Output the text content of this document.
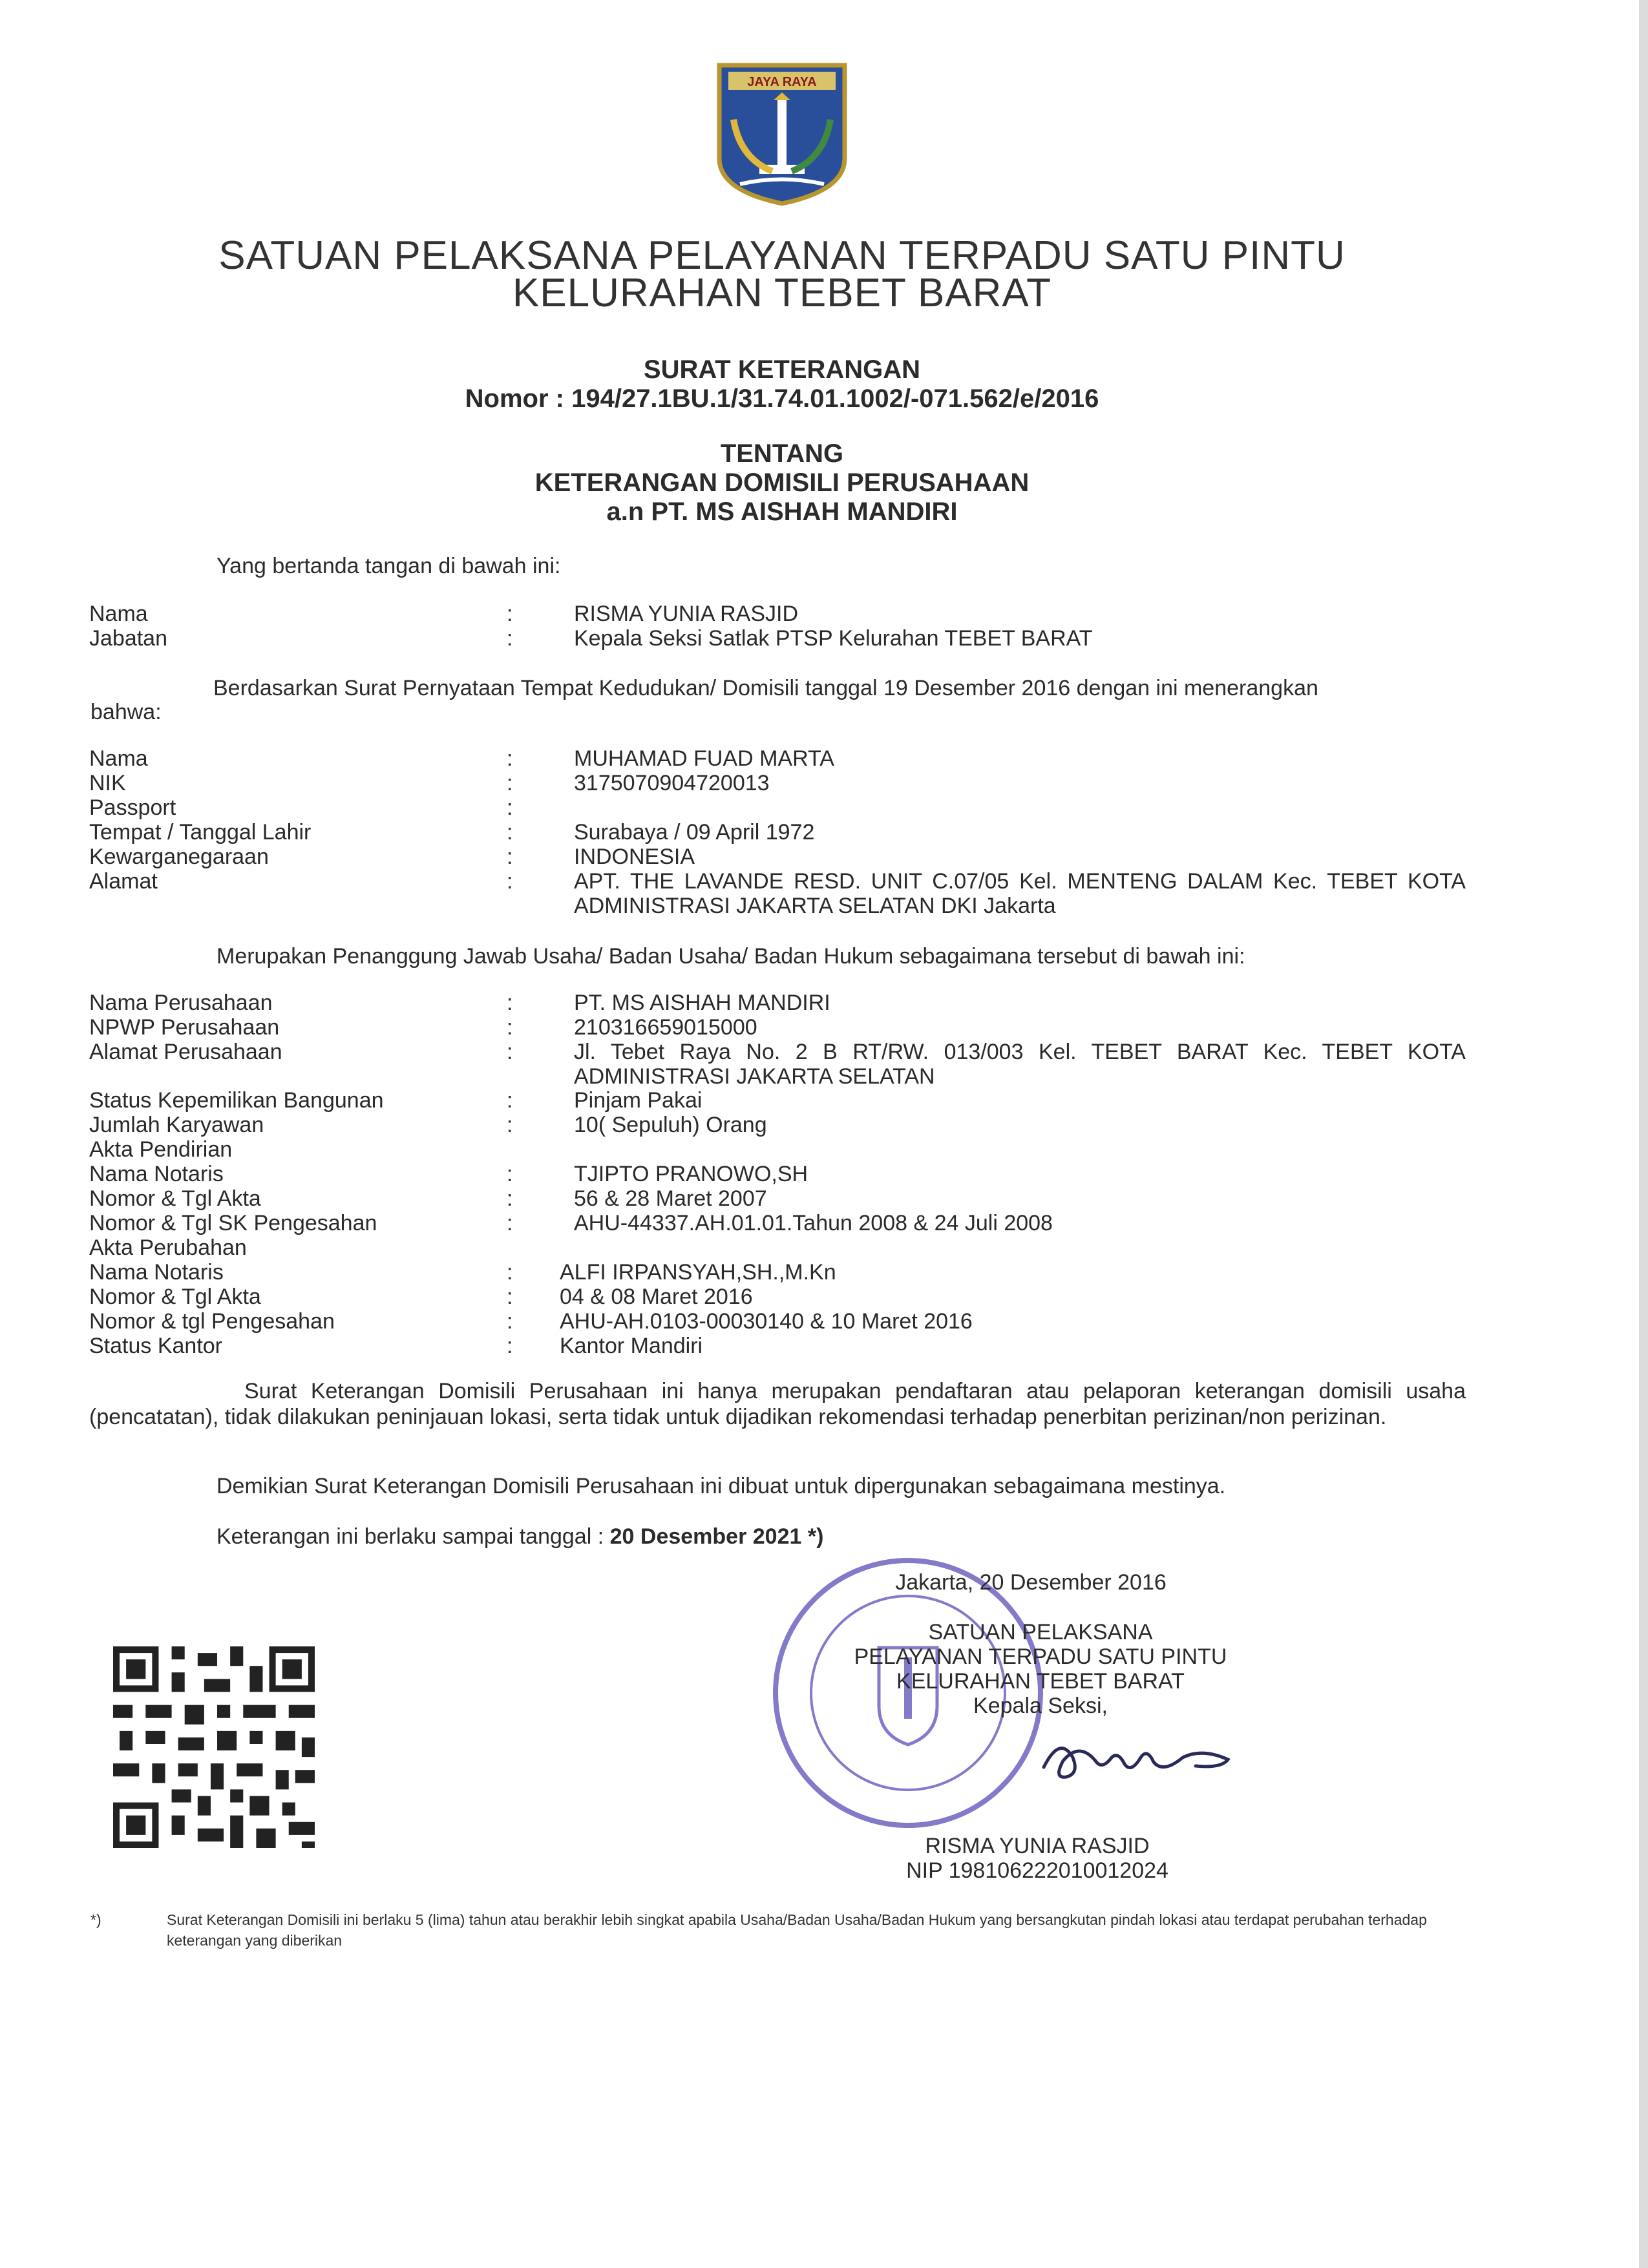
JAYA RAYA
SATUAN PELAKSANA PELAYANAN TERPADU SATU PINTU
KELURAHAN TEBET BARAT
SURAT KETERANGAN
Nomor : 194/27.1BU.1/31.74.01.1002/-071.562/e/2016
TENTANG
KETERANGAN DOMISILI PERUSAHAAN
a.n PT. MS AISHAH MANDIRI
Yang bertanda tangan di bawah ini:
Nama	:	RISMA YUNIA RASJID
Jabatan	:	Kepala Seksi Satlak PTSP Kelurahan TEBET BARAT
Berdasarkan Surat Pernyataan Tempat Kedudukan/ Domisili tanggal 19 Desember 2016 dengan ini menerangkan
bahwa:
Nama	:	MUHAMAD FUAD MARTA
NIK	:	3175070904720013
Passport	:
Tempat / Tanggal Lahir	:	Surabaya / 09 April 1972
Kewarganegaraan	:	INDONESIA
Alamat	:	APT. THE LAVANDE RESD. UNIT C.07/05 Kel. MENTENG DALAM Kec. TEBET KOTA ADMINISTRASI JAKARTA SELATAN DKI Jakarta
Merupakan Penanggung Jawab Usaha/ Badan Usaha/ Badan Hukum sebagaimana tersebut di bawah ini:
Nama Perusahaan	:	PT. MS AISHAH MANDIRI
NPWP Perusahaan	:	210316659015000
Alamat Perusahaan	:	Jl. Tebet Raya No. 2 B RT/RW. 013/003 Kel. TEBET BARAT Kec. TEBET KOTA ADMINISTRASI JAKARTA SELATAN
Status Kepemilikan Bangunan	:	Pinjam Pakai
Jumlah Karyawan	:	10( Sepuluh) Orang
Akta Pendirian
Nama Notaris	:	TJIPTO PRANOWO,SH
Nomor & Tgl Akta	:	56 & 28 Maret 2007
Nomor & Tgl SK Pengesahan	:	AHU-44337.AH.01.01.Tahun 2008 & 24 Juli 2008
Akta Perubahan
Nama Notaris	: ALFI IRPANSYAH,SH.,M.Kn
Nomor & Tgl Akta	: 04 & 08 Maret 2016
Nomor & tgl Pengesahan	: AHU-AH.0103-00030140 & 10 Maret 2016
Status Kantor	: Kantor Mandiri
Surat Keterangan Domisili Perusahaan ini hanya merupakan pendaftaran atau pelaporan keterangan domisili usaha (pencatatan), tidak dilakukan peninjauan lokasi, serta tidak untuk dijadikan rekomendasi terhadap penerbitan perizinan/non perizinan.
Demikian Surat Keterangan Domisili Perusahaan ini dibuat untuk dipergunakan sebagaimana mestinya.
Keterangan ini berlaku sampai tanggal : 20 Desember 2021 *)
Jakarta, 20 Desember 2016
SATUAN PELAKSANA
PELAYANAN TERPADU SATU PINTU
KELURAHAN TEBET BARAT
Kepala Seksi,
RISMA YUNIA RASJID
NIP 198106222010012024
*)	Surat Keterangan Domisili ini berlaku 5 (lima) tahun atau berakhir lebih singkat apabila Usaha/Badan Usaha/Badan Hukum yang bersangkutan pindah lokasi atau terdapat perubahan terhadap keterangan yang diberikan
